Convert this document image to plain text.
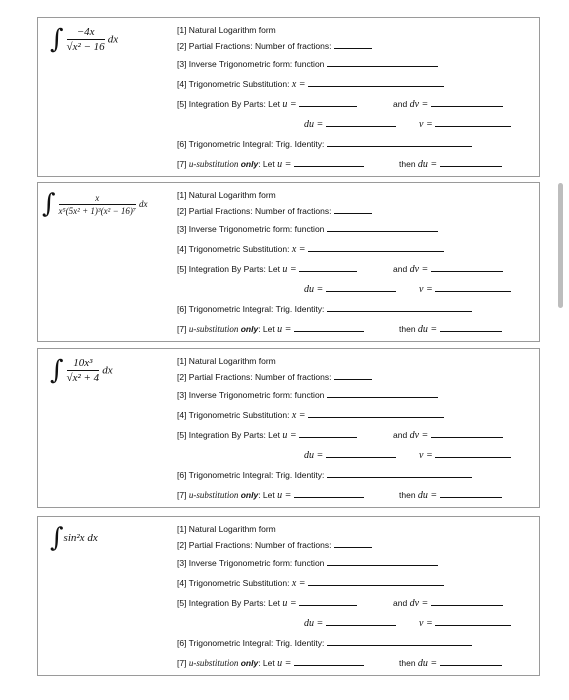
∫ $\frac{-4x}{\text{√x² − 16}}$ dx
[1] Natural Logarithm form
[2] Partial Fractions: Number of fractions:
[3] Inverse Trigonometric form: function
[4] Trigonometric Substitution: x =
[5] Integration By Parts: Let u =	and dv =
du =	v =
[6] Trigonometric Integral: Trig. Identity:
[7] u-substitution only: Let u =	then du =
∫ $\frac{x}{\text{x⁵(5x² + 1)³(x² − 16)⁷}}$ dx
[1] Natural Logarithm form
[2] Partial Fractions: Number of fractions:
[3] Inverse Trigonometric form: function
[4] Trigonometric Substitution: x =
[5] Integration By Parts: Let u =	and dv =
du =	v =
[6] Trigonometric Integral: Trig. Identity:
[7] u-substitution only: Let u =	then du =
∫ $\frac{\text{10x³}}{\text{√x² + 4}}$ dx
[1] Natural Logarithm form
[2] Partial Fractions: Number of fractions:
[3] Inverse Trigonometric form: function
[4] Trigonometric Substitution: x =
[5] Integration By Parts: Let u =	and dv =
du =	v =
[6] Trigonometric Integral: Trig. Identity:
[7] u-substitution only: Let u =	then du =
∫sin²x dx
[1] Natural Logarithm form
[2] Partial Fractions: Number of fractions:
[3] Inverse Trigonometric form: function
[4] Trigonometric Substitution: x =
[5] Integration By Parts: Let u =	and dv =
du =	v =
[6] Trigonometric Integral: Trig. Identity:
[7] u-substitution only: Let u =	then du =
